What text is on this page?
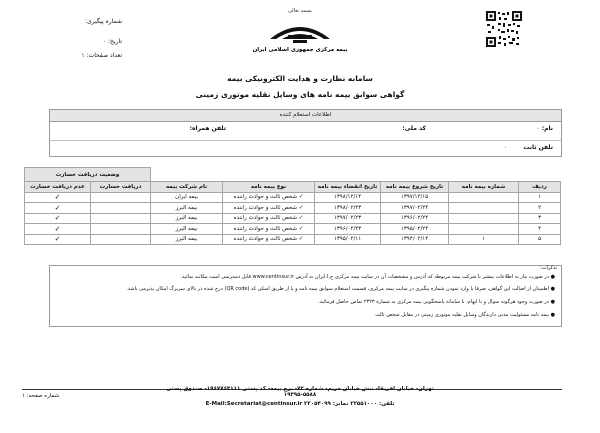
بسمه تعالی
بیمه مرکزی جمهوری اسلامی ایران
شماره پیگیری:
تاریخ: ۰
تعداد صفحات: ۱
سامانه نظارت و هدایت الکترونیکی بیمه
گواهی سوابق بیمه نامه های وسایل نقلیه موتوری زمینی
اطلاعات استعلام کننده
نام: ۰
کد ملی:
تلفن همراه:
تلفن ثابت ۰
						وضعیت دریافت خسارت	
ردیف	شماره بیمه نامه	تاریخ شروع بیمه نامه	تاریخ انقضاء بیمه نامه	نوع بیمه نامه	نام شرکت بیمه	دریافت خسارت	عدم دریافت خسارت
۱		۱۳۹۷/۱۲/۱۵	۱۳۹۸/۱۲/۱۴	✓ شخص ثالث و حوادث راننده	بیمه ایران		✓
۲		۱۳۹۷/۰۲/۲۴	۱۳۹۸/۰۲/۲۳	✓ شخص ثالث و حوادث راننده	بیمه البرز		✓
۳		۱۳۹۶/۰۲/۲۴	۱۳۹۷/۰۲/۲۳	✓ شخص ثالث و حوادث راننده	بیمه البرز		✓
۴		۱۳۹۵/۰۲/۲۴	۱۳۹۶/۰۲/۲۳	✓ شخص ثالث و حوادث راننده	بیمه البرز		✓
۵	۱	۱۳۹۴/۰۲/۱۴	۱۳۹۵/۰۲/۱۱	✓ شخص ثالث و حوادث راننده	بیمه البرز		✓
تذکرات:
● در صورت نیاز به اطلاعات بیشتر با شرکت بیمه مربوطه که آدرس و مشخصات آن در سایت بیمه مرکزی ج.ا.ایران به آدرس www.centinsur.ir قابل دسترسی است مکاتبه نمائید.
● اطمینان از اصالت این گواهی، صرفا با وارد نمودن شماره پیگیری در سایت بیمه مرکزی، قسمت استعلام سوابق بیمه نامه و یا از طریق اسکن کد (QR code) درج شده در بالای سربرگ امکان پذیرمی باشد.
● در صورت وجود هرگونه سوال و یا ابهام، با سامانه پاسخگویی بیمه مرکزی به شماره ۲۳۲۳ تماس حاصل فرمائید.
● بیمه نامه مسئولیت مدنی دارندگان وسایل نقلیه موتوری زمینی در مقابل شخص ثالث
تهران- خیابان افریقا- نبش خیابان مریم- شماره ۷۲- برج بیمه- کد پستی ۱۹۶۷۷۶۴۱۱۱- صندوق پستی ۵۵۸۸-۱۹۳۹۵
تلفن: ۲۲۵۵۱۰۰۰ نمابر: ۲۲۰۵۴۰۹۹ E-Mail:Secretariat@centinsur.ir
شماره صفحه: ۱
